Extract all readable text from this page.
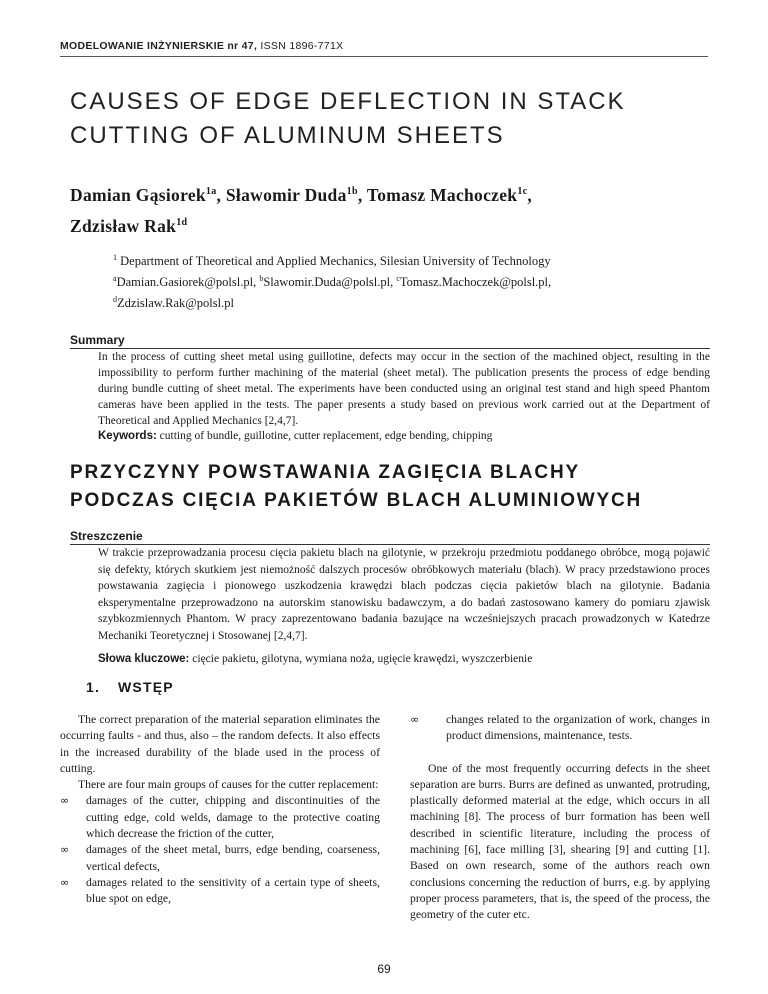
MODELOWANIE INŻYNIERSKIE nr 47, ISSN 1896-771X
CAUSES OF EDGE DEFLECTION IN STACK
CUTTING OF ALUMINUM SHEETS
Damian Gąsiorek$^{1a}$, Sławomir Duda$^{1b}$, Tomasz Machoczek$^{1c}$,
Zdzisław Rak$^{1d}$
$^1$ Department of Theoretical and Applied Mechanics, Silesian University of Technology
$^a$Damian.Gasiorek@polsl.pl, $^b$Slawomir.Duda@polsl.pl, $^c$Tomasz.Machoczek@polsl.pl,
$^d$Zdzislaw.Rak@polsl.pl
Summary

In the process of cutting sheet metal using guillotine, defects may occur in the section of the machined object, resulting in the impossibility to perform further machining of the material (sheet metal). The publication presents the process of edge bending during bundle cutting of sheet metal. The experiments have been conducted using an original test stand and high speed Phantom cameras have been applied in the tests. The paper presents a study based on previous work carried out at the Department of Theoretical and Applied Mechanics [2,4,7].

Keywords: cutting of bundle, guillotine, cutter replacement, edge bending, chipping
PRZYCZYNY POWSTAWANIA ZAGIĘCIA BLACHY
PODCZAS CIĘCIA PAKIETÓW BLACH ALUMINIOWYCH
Streszczenie

W trakcie przeprowadzania procesu cięcia pakietu blach na gilotynie, w przekroju przedmiotu poddanego obróbce, mogą pojawić się defekty, których skutkiem jest niemożność dalszych procesów obróbkowych materiału (blach). W pracy przedstawiono proces powstawania zagięcia i pionowego uszkodzenia krawędzi blach podczas cięcia pakietów blach na gilotynie. Badania eksperymentalne przeprowadzono na autorskim stanowisku badawczym, a do badań zastosowano kamery do pomiaru zjawisk szybkozmiennych Phantom. W pracy zaprezentowano badania bazujące na wcześniejszych pracach prowadzonych w Katedrze Mechaniki Teoretycznej i Stosowanej [2,4,7].

Słowa kluczowe: cięcie pakietu, gilotyna, wymiana noża, ugięcie krawędzi, wyszczerbienie
1. WSTĘP

The correct preparation of the material separation eliminates the occurring faults - and thus, also – the random defects. It also effects in the increased durability of the blade used in the process of cutting.

There are four main groups of causes for the cutter replacement:

∞	damages of the cutter, chipping and discontinuities of the cutting edge, cold welds, damage to the protective coating which decrease the friction of the cutter,
∞	damages of the sheet metal, burrs, edge bending, coarseness, vertical defects,
∞	damages related to the sensitivity of a certain type of sheets, blue spot on edge,
∞	changes related to the organization of work, changes in product dimensions, maintenance, tests.

One of the most frequently occurring defects in the sheet separation are burrs. Burrs are defined as unwanted, protruding, plastically deformed material at the edge, which occurs in all machining [8]. The process of burr formation has been well described in scientific literature, including the process of machining [6], face milling [3], shearing [9] and cutting [1]. Based on own research, some of the authors reach own conclusions concerning the reduction of burrs, e.g. by applying proper process parameters, that is, the speed of the process, the geometry of the cuter etc.

69
